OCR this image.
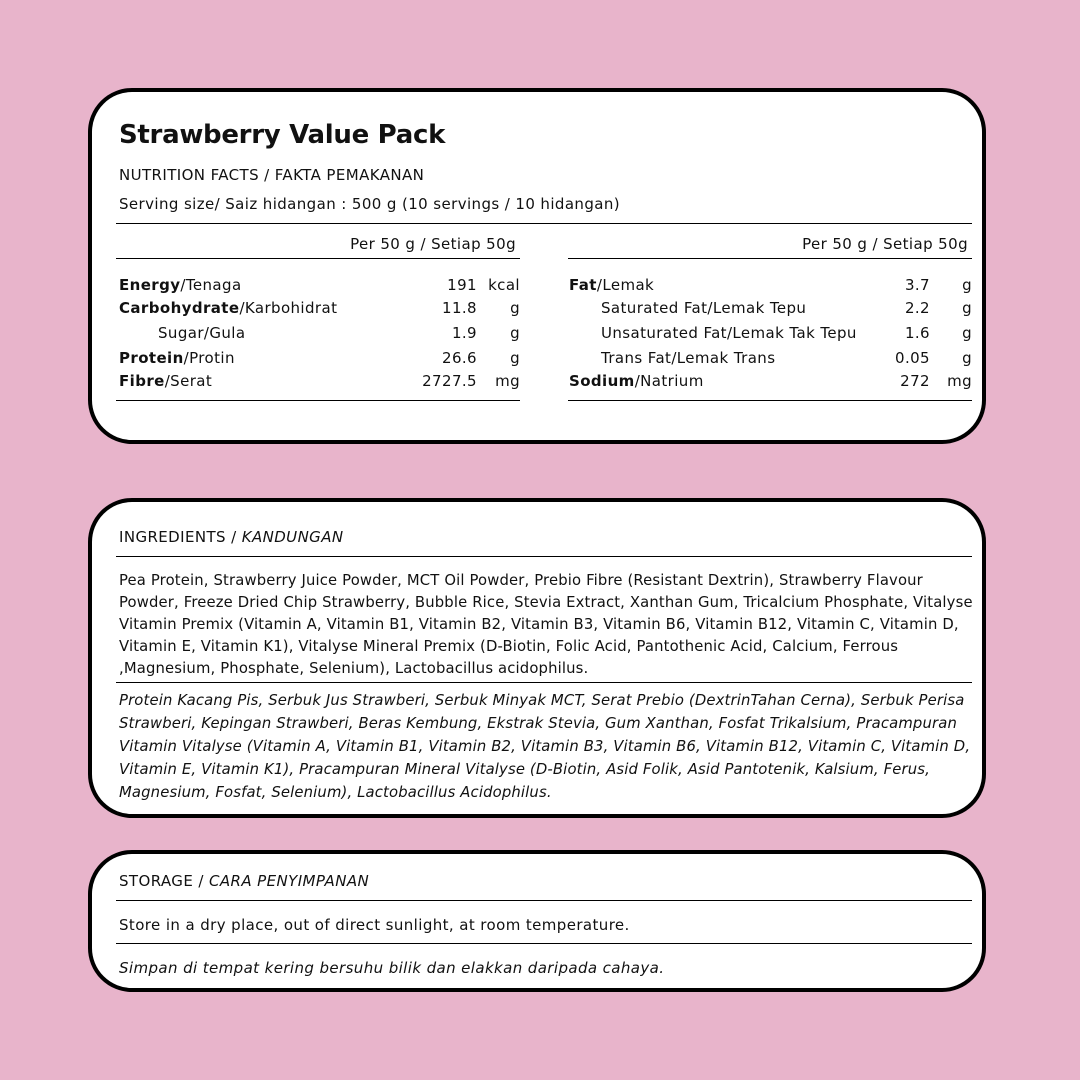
Strawberry Value Pack
NUTRITION FACTS / FAKTA PEMAKANAN
Serving size/ Saiz hidangan : 500 g (10 servings / 10 hidangan)
Per 50 g / Setiap 50g
Energy/Tenaga	191 kcal
Carbohydrate/Karbohidrat	11.8	g
Sugar/Gula	1.9	g
Protein/Protin	26.6	g
Fibre/Serat	2727.5	mg
Per 50 g / Setiap 50g
Fat/Lemak	3.7	g
Saturated Fat/Lemak Tepu	2.2	g
Unsaturated Fat/Lemak Tak Tepu	1.6	g
Trans Fat/Lemak Trans	0.05	g
Sodium/Natrium	272	mg
INGREDIENTS / KANDUNGAN
Pea Protein, Strawberry Juice Powder, MCT Oil Powder, Prebio Fibre (Resistant Dextrin), Strawberry Flavour Powder, Freeze Dried Chip Strawberry, Bubble Rice, Stevia Extract, Xanthan Gum, Tricalcium Phosphate, Vitalyse Vitamin Premix (Vitamin A, Vitamin B1, Vitamin B2, Vitamin B3, Vitamin B6, Vitamin B12, Vitamin C, Vitamin D, Vitamin E, Vitamin K1), Vitalyse Mineral Premix (D-Biotin, Folic Acid, Pantothenic Acid, Calcium, Ferrous ,Magnesium, Phosphate, Selenium), Lactobacillus acidophilus.
Protein Kacang Pis, Serbuk Jus Strawberi, Serbuk Minyak MCT, Serat Prebio (DextrinTahan Cerna), Serbuk Perisa Strawberi, Kepingan Strawberi, Beras Kembung, Ekstrak Stevia, Gum Xanthan, Fosfat Trikalsium, Pracampuran Vitamin Vitalyse (Vitamin A, Vitamin B1, Vitamin B2, Vitamin B3, Vitamin B6, Vitamin B12, Vitamin C, Vitamin D, Vitamin E, Vitamin K1), Pracampuran Mineral Vitalyse (D-Biotin, Asid Folik, Asid Pantotenik, Kalsium, Ferus, Magnesium, Fosfat, Selenium), Lactobacillus Acidophilus.
STORAGE / CARA PENYIMPANAN
Store in a dry place, out of direct sunlight, at room temperature.
Simpan di tempat kering bersuhu bilik dan elakkan daripada cahaya.
